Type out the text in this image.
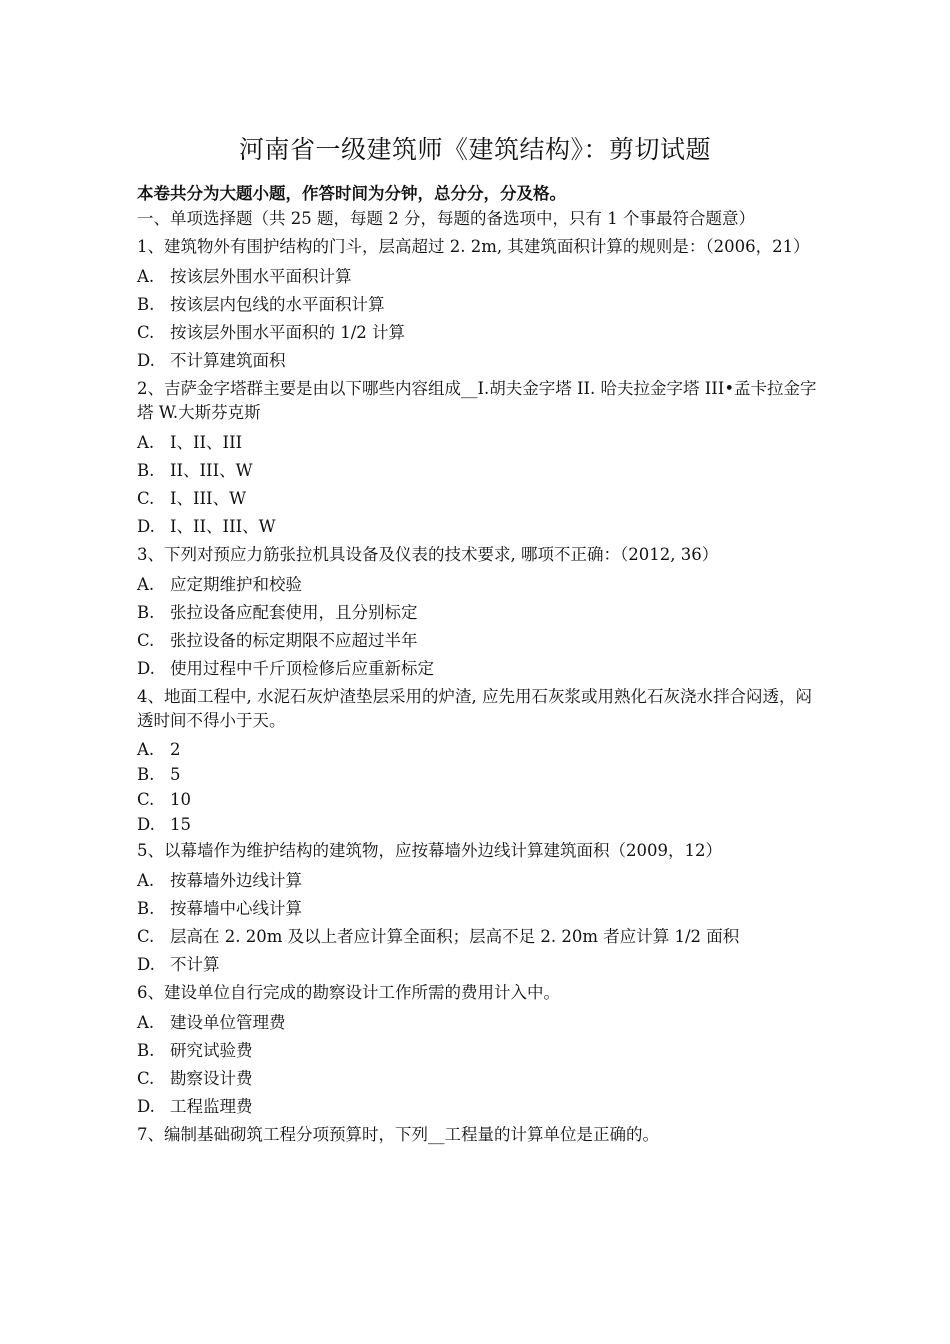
河南省一级建筑师《建筑结构》：剪切试题
本卷共分为大题小题，作答时间为分钟，总分分，分及格。
一、单项选择题（共 25 题，每题 2 分，每题的备选项中，只有 1 个事最符合题意）
1、建筑物外有围护结构的门斗，层高超过 2. 2m, 其建筑面积计算的规则是：（2006，21）
A. 按该层外围水平面积计算
B. 按该层内包线的水平面积计算
C. 按该层外围水平面积的 1/2 计算
D. 不计算建筑面积
2、吉萨金字塔群主要是由以下哪些内容组成__I.胡夫金字塔 II. 哈夫拉金字塔 III•孟卡拉金字塔 W.大斯芬克斯
A. I、II、III
B. II、III、W
C. I、III、W
D. I、II、III、W
3、下列对预应力筋张拉机具设备及仪表的技术要求, 哪项不正确：（2012, 36）
A. 应定期维护和校验
B. 张拉设备应配套使用，且分别标定
C. 张拉设备的标定期限不应超过半年
D. 使用过程中千斤顶检修后应重新标定
4、地面工程中, 水泥石灰炉渣垫层采用的炉渣, 应先用石灰浆或用熟化石灰浇水拌合闷透，闷透时间不得小于天。
A. 2
B. 5
C. 10
D. 15
5、以幕墙作为维护结构的建筑物，应按幕墙外边线计算建筑面积（2009，12）
A. 按幕墙外边线计算
B. 按幕墙中心线计算
C. 层高在 2. 20m 及以上者应计算全面积；层高不足 2. 20m 者应计算 1/2 面积
D. 不计算
6、建设单位自行完成的勘察设计工作所需的费用计入中。
A. 建设单位管理费
B. 研究试验费
C. 勘察设计费
D. 工程监理费
7、编制基础砌筑工程分项预算时，下列__工程量的计算单位是正确的。
